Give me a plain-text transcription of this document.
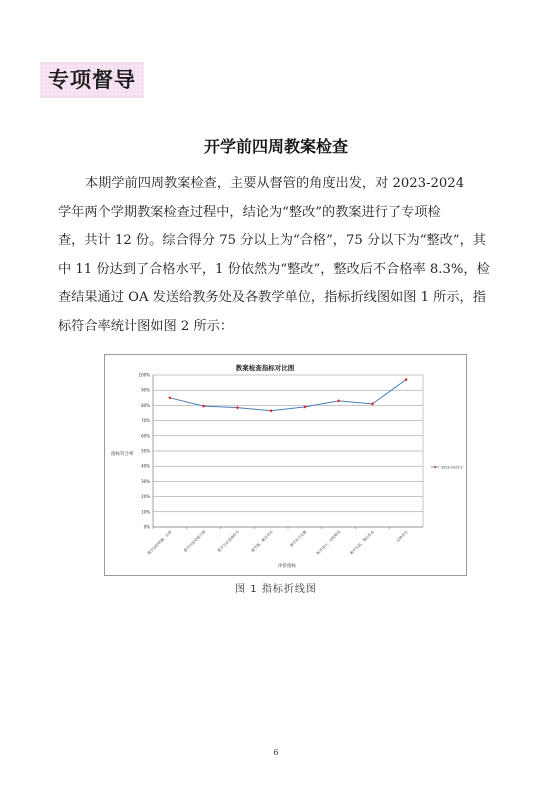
专项督导
开学前四周教案检查

本期学前四周教案检查，主要从督管的角度出发，对 2023-2024
学年两个学期教案检查过程中，结论为“整改”的教案进行了专项检
查，共计 12 份。综合得分 75 分以上为“合格”，75 分以下为“整改”，其
中 11 份达到了合格水平，1 份依然为“整改”，整改后不合格率 8.3%，检
查结果通过 OA 发送给教务处及各教学单位，指标折线图如图 1 所示，指
标符合率统计图如图 2 所示：

教案检查指标对比图
指标符合率
评价指标
0%
10%
20%
30%
40%
50%
60%
70%
80%
90%
100%
教学目标明确，具体	教学内容安排合理	教学方法选择恰当	教学重、难点突出	教学环节完整 板书设计、过程规范 教学反思、课后作业	总体评价
2023-2025-1
图 1 指标折线图
6
